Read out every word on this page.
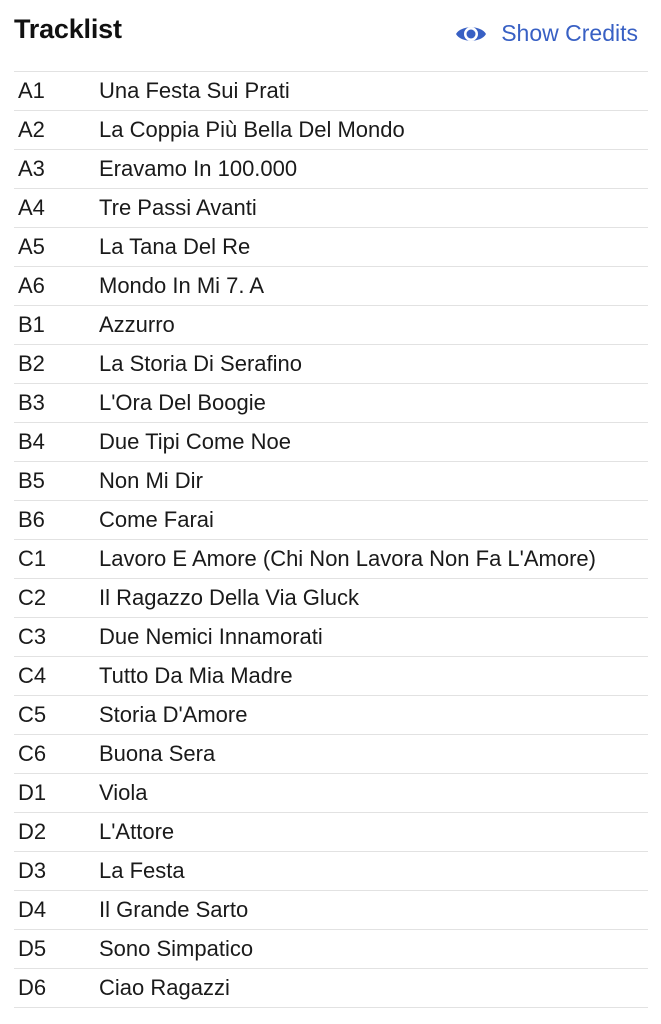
Tracklist	Show Credits
A1	Una Festa Sui Prati
A2	La Coppia Più Bella Del Mondo
A3	Eravamo In 100.000
A4	Tre Passi Avanti
A5	La Tana Del Re
A6	Mondo In Mi 7. A
B1	Azzurro
B2	La Storia Di Serafino
B3	L'Ora Del Boogie
B4	Due Tipi Come Noe
B5	Non Mi Dir
B6	Come Farai
C1	Lavoro E Amore (Chi Non Lavora Non Fa L'Amore)
C2	Il Ragazzo Della Via Gluck
C3	Due Nemici Innamorati
C4	Tutto Da Mia Madre
C5	Storia D'Amore
C6	Buona Sera
D1	Viola
D2	L'Attore
D3	La Festa
D4	Il Grande Sarto
D5	Sono Simpatico
D6	Ciao Ragazzi
